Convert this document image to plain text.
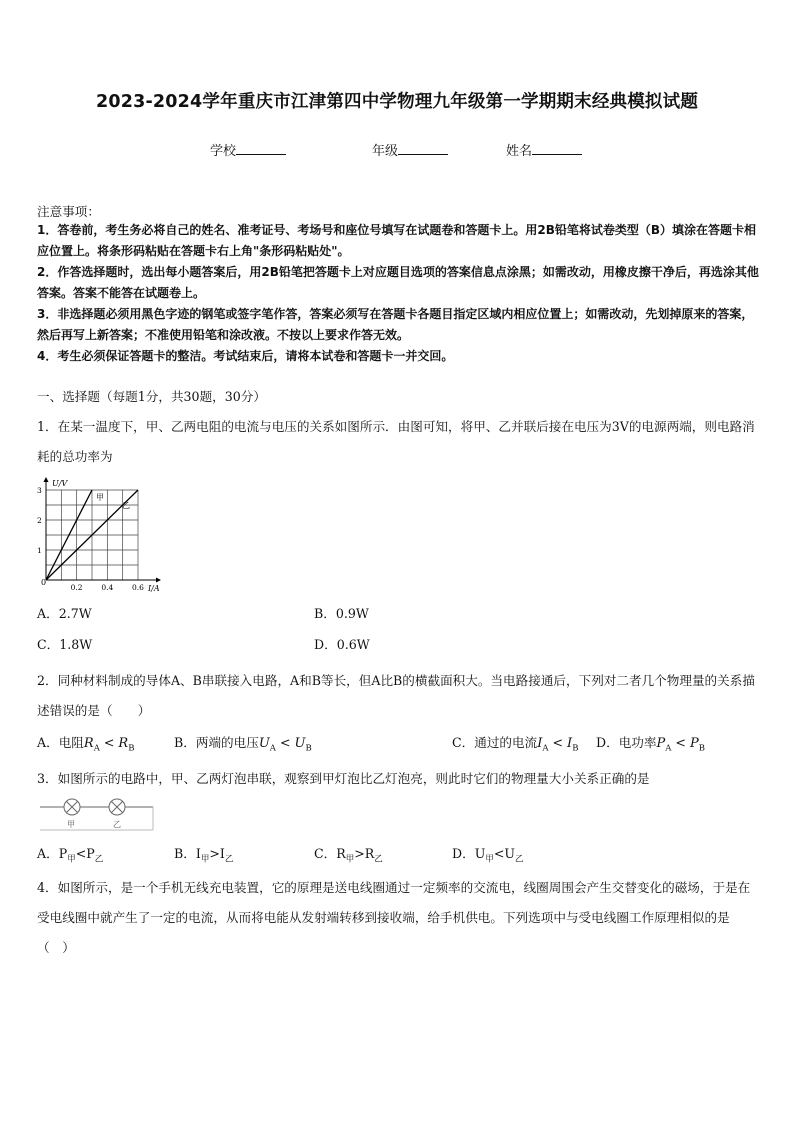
2023-2024学年重庆市江津第四中学物理九年级第一学期期末经典模拟试题
学校	年级	姓名
注意事项：
1．答卷前，考生务必将自己的姓名、准考证号、考场号和座位号填写在试题卷和答题卡上。用2B铅笔将试卷类型（B）填涂在答题卡相应位置上。将条形码粘贴在答题卡右上角"条形码粘贴处"。
2．作答选择题时，选出每小题答案后，用2B铅笔把答题卡上对应题目选项的答案信息点涂黑；如需改动，用橡皮擦干净后，再选涂其他答案。答案不能答在试题卷上。
3．非选择题必须用黑色字迹的钢笔或签字笔作答，答案必须写在答题卡各题目指定区域内相应位置上；如需改动，先划掉原来的答案，然后再写上新答案；不准使用铅笔和涂改液。不按以上要求作答无效。
4．考生必须保证答题卡的整洁。考试结束后，请将本试卷和答题卡一并交回。
一、选择题（每题1分，共30题，30分）
1．在某一温度下，甲、乙两电阻的电流与电压的关系如图所示．由图可知，将甲、乙并联后接在电压为3V的电源两端，则电路消耗的总功率为
甲
乙
0.2 0.4 0.6
1
2
3
U/V
I/A
0
A．2.7W	B．0.9W
C．1.8W	D．0.6W
2．同种材料制成的导体A、B串联接入电路，A和B等长，但A比B的横截面积大。当电路接通后，下列对二者几个物理量的关系描述错误的是（　　）
A．电阻$R_A < R_B$	B．两端的电压$U_A < U_B$	C．通过的电流$I_A < I_B$ D．电功率$P_A < P_B$
3．如图所示的电路中，甲、乙两灯泡串联，观察到甲灯泡比乙灯泡亮，则此时它们的物理量大小关系正确的是
甲	乙
A．$P_甲<P_乙$	B．$I_甲>I_乙$	C．$R_甲>R_乙$	D．$U_甲<U_乙$
4．如图所示，是一个手机无线充电装置，它的原理是送电线圈通过一定频率的交流电，线圈周围会产生交替变化的磁场，于是在受电线圈中就产生了一定的电流，从而将电能从发射端转移到接收端，给手机供电。下列选项中与受电线圈工作原理相似的是（　）
